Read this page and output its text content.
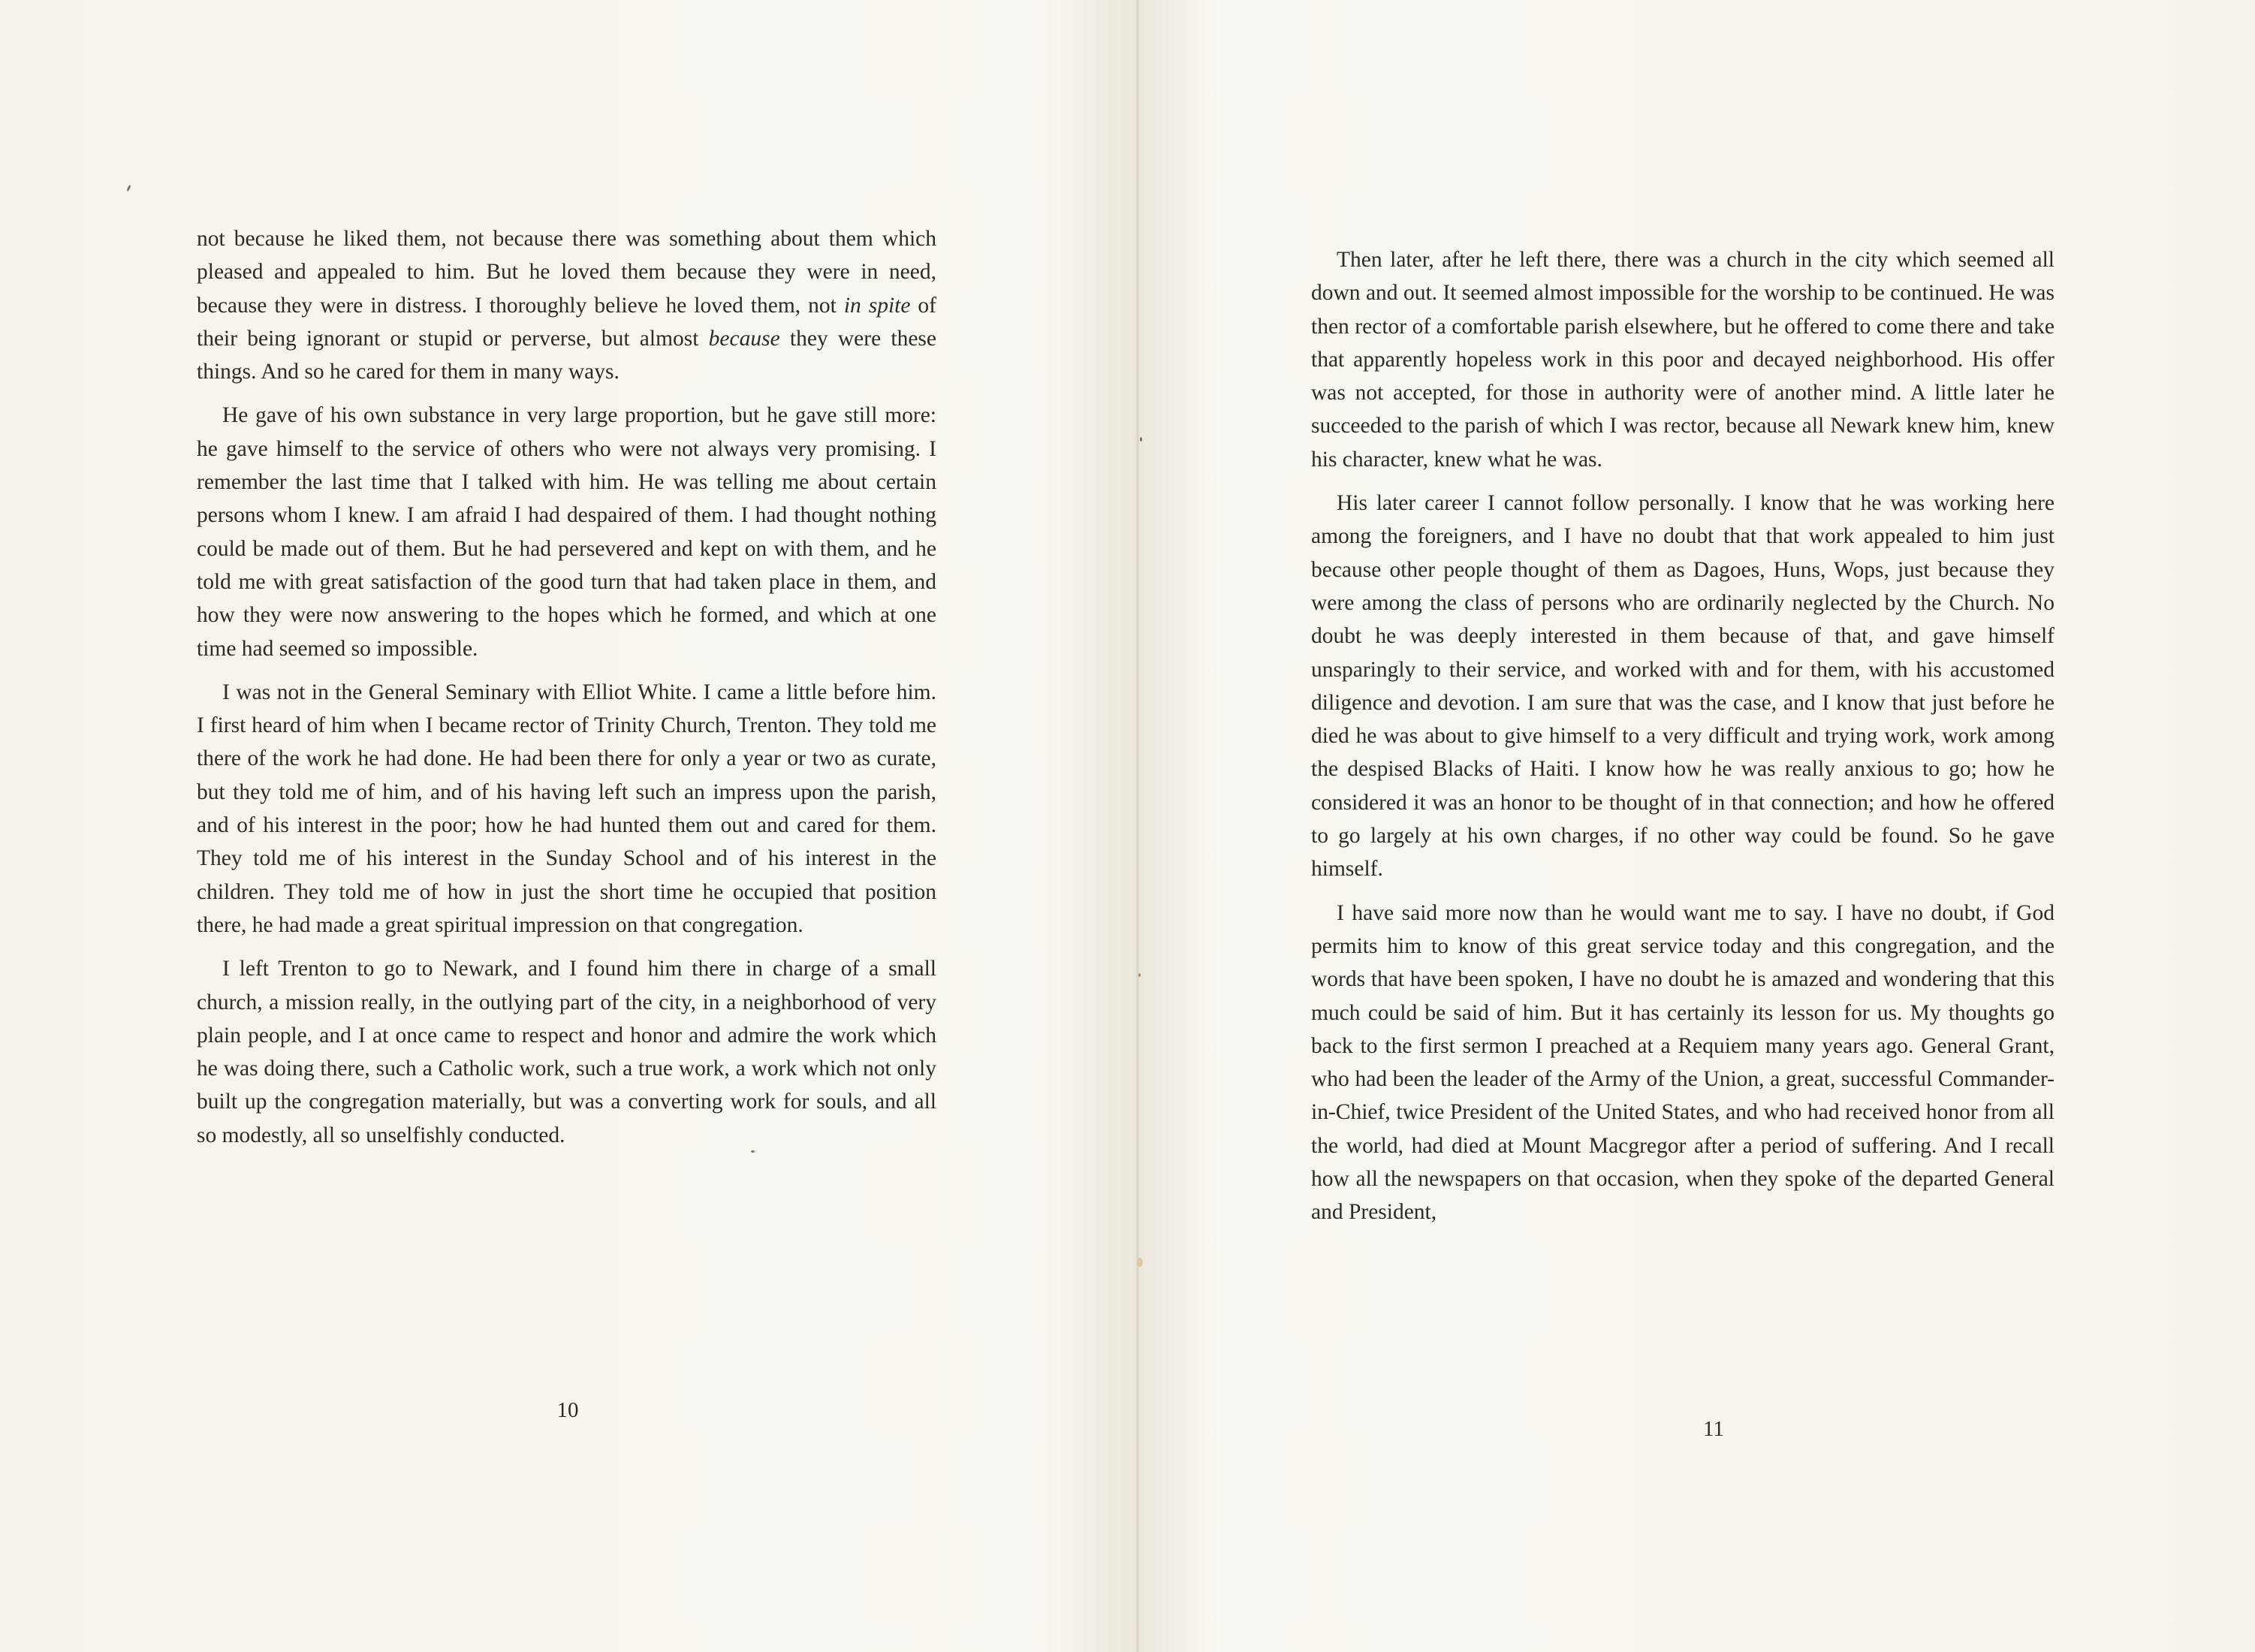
not because he liked them, not because there was something about them which pleased and appealed to him. But he loved them because they were in need, because they were in distress. I thoroughly believe he loved them, not in spite of their being ignorant or stupid or perverse, but almost because they were these things. And so he cared for them in many ways.

He gave of his own substance in very large proportion, but he gave still more: he gave himself to the service of others who were not always very promising. I remember the last time that I talked with him. He was telling me about certain persons whom I knew. I am afraid I had despaired of them. I had thought nothing could be made out of them. But he had persevered and kept on with them, and he told me with great satisfaction of the good turn that had taken place in them, and how they were now answering to the hopes which he formed, and which at one time had seemed so impossible.

I was not in the General Seminary with Elliot White. I came a little before him. I first heard of him when I became rector of Trinity Church, Trenton. They told me there of the work he had done. He had been there for only a year or two as curate, but they told me of him, and of his having left such an impress upon the parish, and of his interest in the poor; how he had hunted them out and cared for them. They told me of his interest in the Sunday School and of his interest in the children. They told me of how in just the short time he occupied that position there, he had made a great spiritual impression on that congregation.

I left Trenton to go to Newark, and I found him there in charge of a small church, a mission really, in the outlying part of the city, in a neighborhood of very plain people, and I at once came to respect and honor and admire the work which he was doing there, such a Catholic work, such a true work, a work which not only built up the congregation materially, but was a converting work for souls, and all so modestly, all so unselfishly conducted.

10

Then later, after he left there, there was a church in the city which seemed all down and out. It seemed almost impossible for the worship to be continued. He was then rector of a comfortable parish elsewhere, but he offered to come there and take that apparently hopeless work in this poor and decayed neighborhood. His offer was not accepted, for those in authority were of another mind. A little later he succeeded to the parish of which I was rector, because all Newark knew him, knew his character, knew what he was.

His later career I cannot follow personally. I know that he was working here among the foreigners, and I have no doubt that that work appealed to him just because other people thought of them as Dagoes, Huns, Wops, just because they were among the class of persons who are ordinarily neglected by the Church. No doubt he was deeply interested in them because of that, and gave himself unsparingly to their service, and worked with and for them, with his accustomed diligence and devotion. I am sure that was the case, and I know that just before he died he was about to give himself to a very difficult and trying work, work among the despised Blacks of Haiti. I know how he was really anxious to go; how he considered it was an honor to be thought of in that connection; and how he offered to go largely at his own charges, if no other way could be found. So he gave himself.

I have said more now than he would want me to say. I have no doubt, if God permits him to know of this great service today and this congregation, and the words that have been spoken, I have no doubt he is amazed and wondering that this much could be said of him. But it has certainly its lesson for us. My thoughts go back to the first sermon I preached at a Requiem many years ago. General Grant, who had been the leader of the Army of the Union, a great, successful Commander-in-Chief, twice President of the United States, and who had received honor from all the world, had died at Mount Macgregor after a period of suffering. And I recall how all the newspapers on that occasion, when they spoke of the departed General and President,

11
